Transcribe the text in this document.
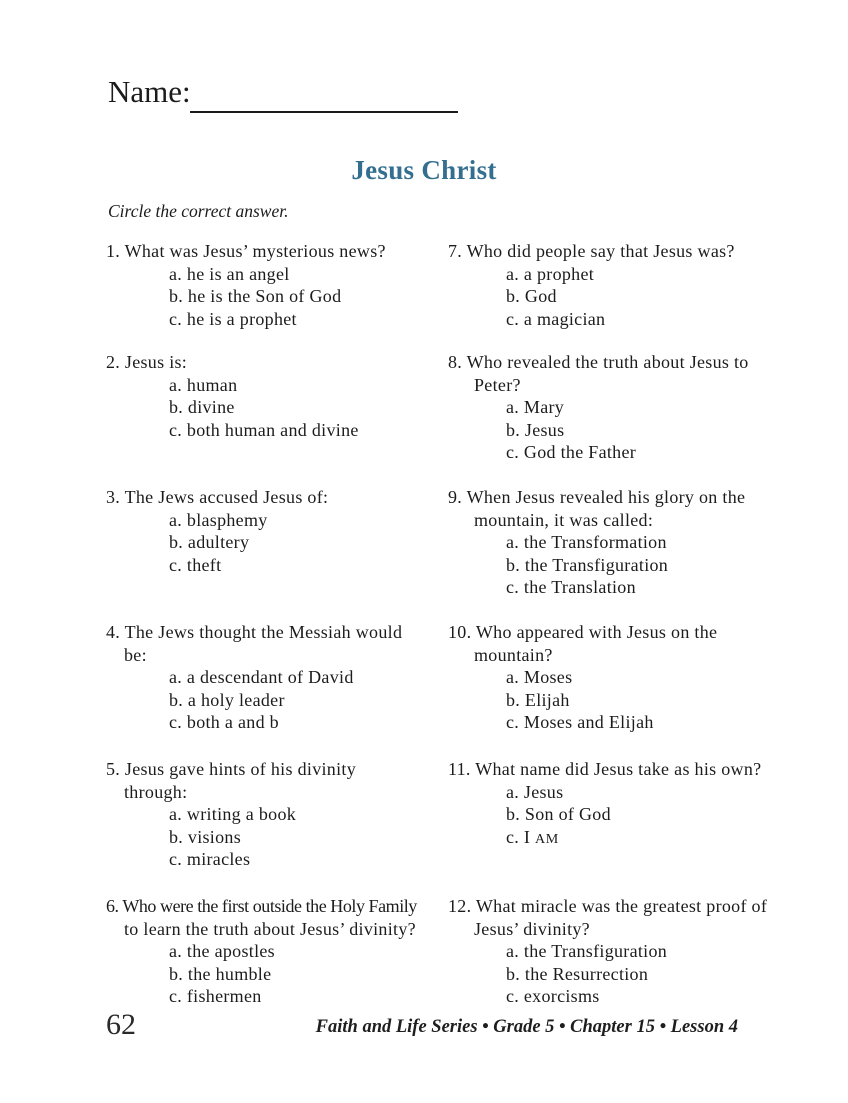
Name:
Jesus Christ
Circle the correct answer.
1. What was Jesus’ mysterious news?
a. he is an angel
b. he is the Son of God
c. he is a prophet
2. Jesus is:
a. human
b. divine
c. both human and divine
3. The Jews accused Jesus of:
a. blasphemy
b. adultery
c. theft
4. The Jews thought the Messiah would
be:
a. a descendant of David
b. a holy leader
c. both a and b
5. Jesus gave hints of his divinity
through:
a. writing a book
b. visions
c. miracles
6. Who were the first outside the Holy Family
to learn the truth about Jesus’ divinity?
a. the apostles
b. the humble
c. fishermen
7. Who did people say that Jesus was?
a. a prophet
b. God
c. a magician
8. Who revealed the truth about Jesus to
Peter?
a. Mary
b. Jesus
c. God the Father
9. When Jesus revealed his glory on the
mountain, it was called:
a. the Transformation
b. the Transfiguration
c. the Translation
10. Who appeared with Jesus on the
mountain?
a. Moses
b. Elijah
c. Moses and Elijah
11. What name did Jesus take as his own?
a. Jesus
b. Son of God
c. I AM
12. What miracle was the greatest proof of
Jesus’ divinity?
a. the Transfiguration
b. the Resurrection
c. exorcisms
62	Faith and Life Series • Grade 5 • Chapter 15 • Lesson 4
